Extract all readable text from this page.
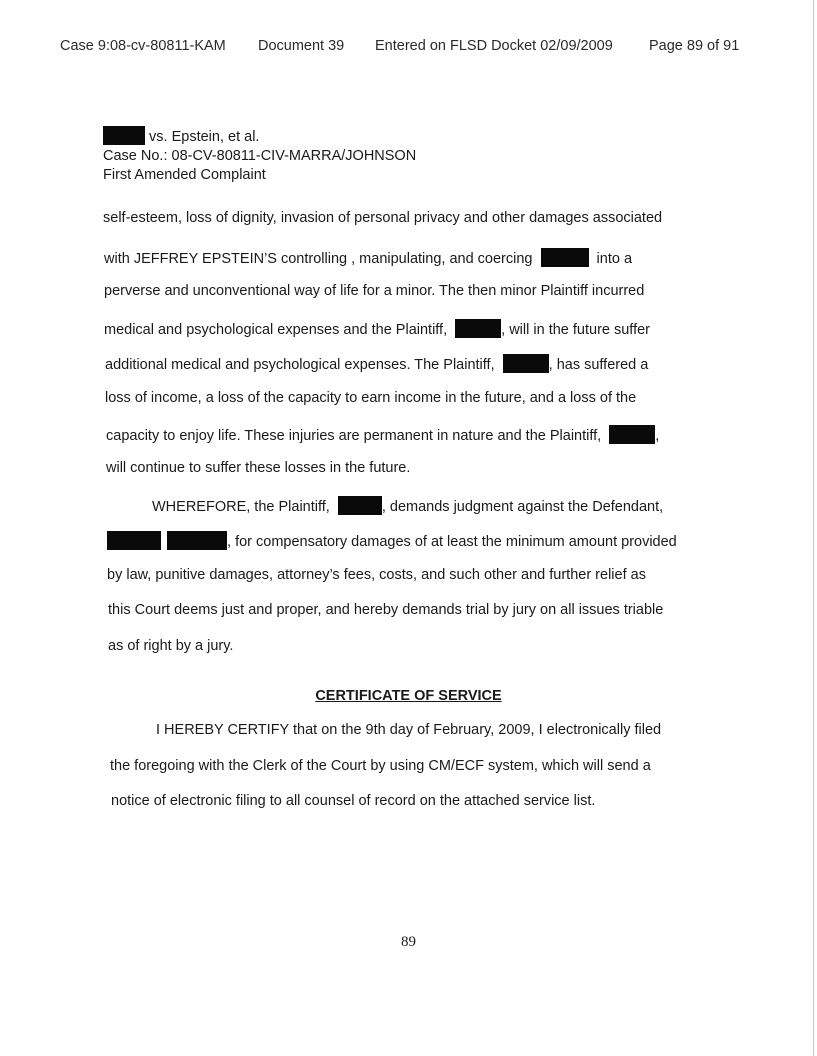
Case 9:08-cv-80811-KAM Document 39 Entered on FLSD Docket 02/09/2009 Page 89 of 91
vs. Epstein, et al.
Case No.: 08-CV-80811-CIV-MARRA/JOHNSON
First Amended Complaint
self-esteem, loss of dignity, invasion of personal privacy and other damages associated
with JEFFREY EPSTEIN’S controlling , manipulating, and coercing	into a
perverse and unconventional way of life for a minor. The then minor Plaintiff incurred
medical and psychological expenses and the Plaintiff,	, will in the future suffer
additional medical and psychological expenses. The Plaintiff,	, has suffered a
loss of income, a loss of the capacity to earn income in the future, and a loss of the
capacity to enjoy life. These injuries are permanent in nature and the Plaintiff,	,
will continue to suffer these losses in the future.
WHEREFORE, the Plaintiff,	, demands judgment against the Defendant,
, for compensatory damages of at least the minimum amount provided
by law, punitive damages, attorney’s fees, costs, and such other and further relief as
this Court deems just and proper, and hereby demands trial by jury on all issues triable
as of right by a jury.
CERTIFICATE OF SERVICE
I HEREBY CERTIFY that on the 9th day of February, 2009, I electronically filed
the foregoing with the Clerk of the Court by using CM/ECF system, which will send a
notice of electronic filing to all counsel of record on the attached service list.
89
